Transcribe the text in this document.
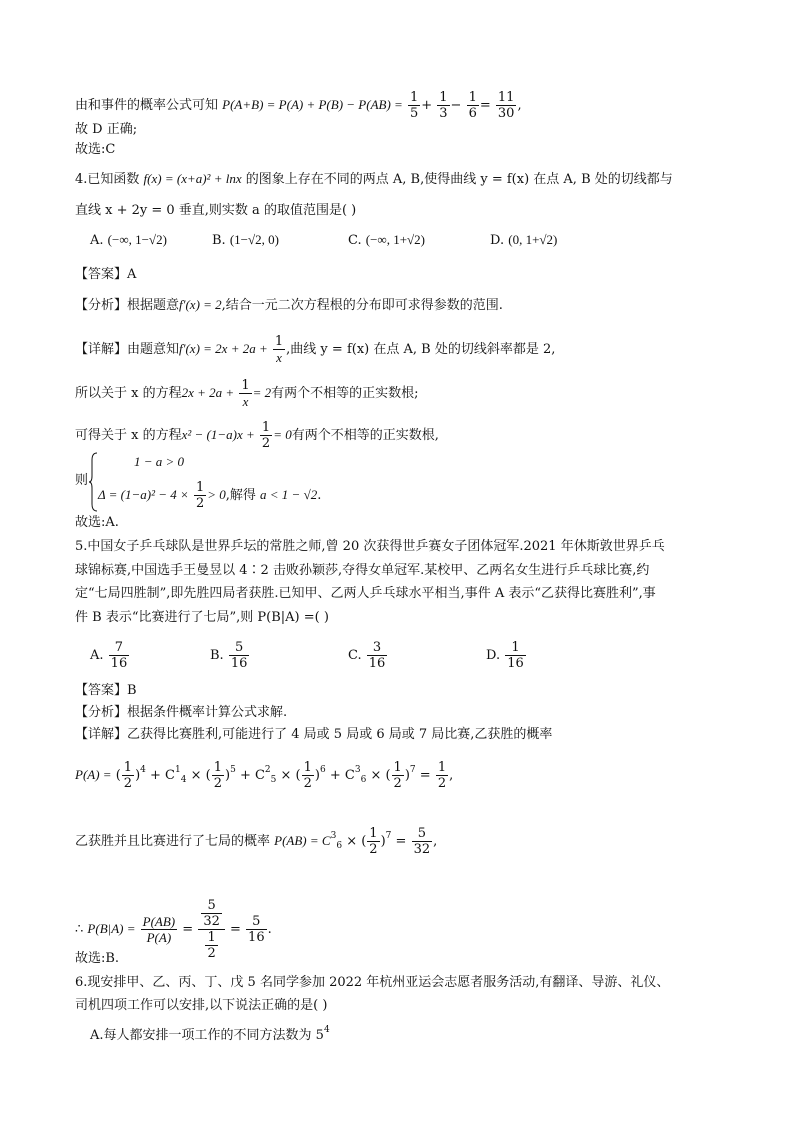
由和事件的概率公式可知 $P(A+B) = P(A) + P(B) - P(AB) = \frac{1}{5} + \frac{1}{3} - \frac{1}{6} = \frac{11}{30}$ ,
故 D 正确;
故选:C
4.已知函数 f(x) = (x+a)² + lnx 的图象上存在不同的两点 A, B,使得曲线 y = f(x) 在点 A, B 处的切线都与
直线 x + 2y = 0 垂直,则实数 a 的取值范围是( )
A. (−∞, 1−√2)	B. (1−√2, 0)	C. (−∞, 1+√2)	D. (0, 1+√2)
【答案】A
【分析】根据题意f′(x) = 2,结合一元二次方程根的分布即可求得参数的范围.
【详解】由题意知$f'(x) = 2x + 2a + \frac{1}{x}$ ,曲线 y = f(x) 在点 A, B 处的切线斜率都是 2,
所以关于 x 的方程$2x + 2a + \frac{1}{x} = 2$有两个不相等的正实数根;
可得关于 x 的方程$x^2 - (1-a)x + \frac{1}{2} = 0$有两个不相等的正实数根,
则
1 − a > 0
$\Delta = (1-a)^2 - 4 \times \frac{1}{2} > 0$,解得 a < 1 − √2.
故选:A.
5.中国女子乒乓球队是世界乒坛的常胜之师,曾 20 次获得世乒赛女子团体冠军.2021 年休斯敦世界乒乓
球锦标赛,中国选手王曼昱以 4∶2 击败孙颖莎,夺得女单冠军.某校甲、乙两名女生进行乒乓球比赛,约
定“七局四胜制”,即先胜四局者获胜.已知甲、乙两人乒乓球水平相当,事件 A 表示“乙获得比赛胜利”,事
件 B 表示“比赛进行了七局”,则 P(B|A) =( )
A. $\frac{7}{16}$	B. $\frac{5}{16}$	C. $\frac{3}{16}$	D. $\frac{1}{16}$
【答案】B
【分析】根据条件概率计算公式求解.
【详解】乙获得比赛胜利,可能进行了 4 局或 5 局或 6 局或 7 局比赛,乙获胜的概率
P(A) = ( $\frac{1}{2} )^4 + C^1_4$ × ( $\frac{1}{2} )^5 + C^2_5$ × ( $\frac{1}{2} )^6 + C^3_6$ × ( $\frac{1}{2} )^7 = \frac{1}{2}$ ,
乙获胜并且比赛进行了七局的概率 $P(AB) = C^3_6$ × ( $\frac{1}{2} )^7 = \frac{5}{32}$ ,
∴ $P(B|A) = \frac{P(AB)}{P(A)} = \frac{\frac{5}{32}}{\frac{1}{2}} = \frac{5}{16}$ .
故选:B.
6.现安排甲、乙、丙、丁、戊 5 名同学参加 2022 年杭州亚运会志愿者服务活动,有翻译、导游、礼仪、
司机四项工作可以安排,以下说法正确的是( )
A.每人都安排一项工作的不同方法数为 $5^4$
